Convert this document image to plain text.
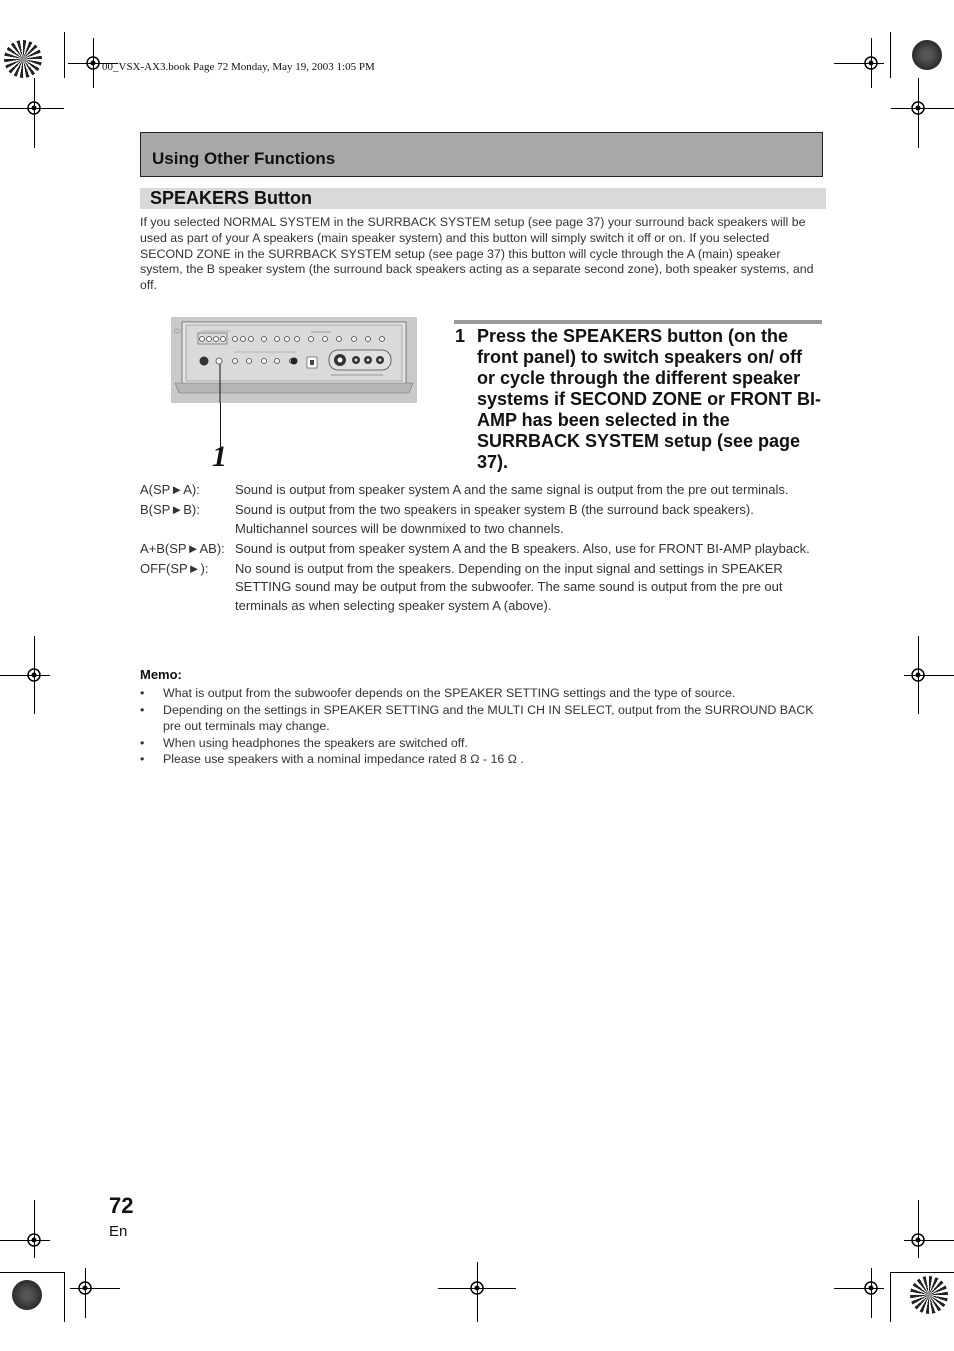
00_VSX-AX3.book Page 72 Monday, May 19, 2003 1:05 PM
Using Other Functions
SPEAKERS Button
If you selected NORMAL SYSTEM in the SURRBACK SYSTEM setup (see page 37) your surround back speakers will be used as part of your A speakers (main speaker system) and this button will simply switch it off or on. If you selected SECOND ZONE in the SURRBACK SYSTEM setup (see page 37) this button will cycle through the A (main) speaker system, the B speaker system (the surround back speakers acting as a separate second zone), both speaker systems, and off.
1
1 Press the SPEAKERS button (on the front panel) to switch speakers on/ off or cycle through the different speaker systems if SECOND ZONE or FRONT BI-AMP has been selected in the SURRBACK SYSTEM setup (see page 37).
A(SP►A):	Sound is output from speaker system A and the same signal is output from the pre out terminals.
B(SP►B):	Sound is output from the two speakers in speaker system B (the surround back speakers). Multichannel sources will be downmixed to two channels.
A+B(SP►AB): Sound is output from speaker system A and the B speakers. Also, use for FRONT BI-AMP playback.
OFF(SP►):	No sound is output from the speakers. Depending on the input signal and settings in SPEAKER SETTING sound may be output from the subwoofer. The same sound is output from the pre out terminals as when selecting speaker system A (above).
Memo:
•	What is output from the subwoofer depends on the SPEAKER SETTING settings and the type of source.
•	Depending on the settings in SPEAKER SETTING and the MULTI CH IN SELECT, output from the SURROUND BACK pre out terminals may change.
•	When using headphones the speakers are switched off.
•	Please use speakers with a nominal impedance rated 8 Ω - 16 Ω .
72
En
